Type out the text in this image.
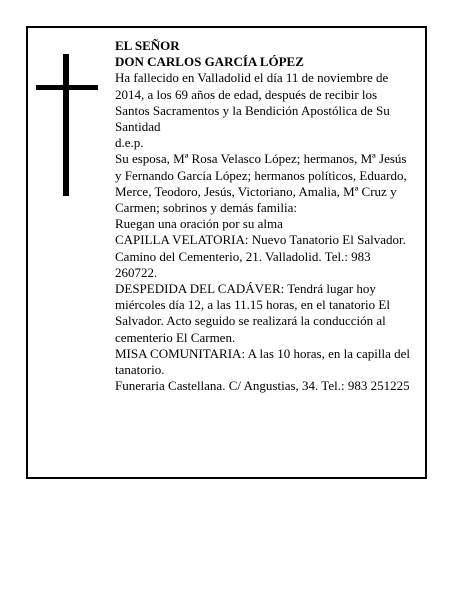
EL SEÑOR

DON CARLOS GARCÍA LÓPEZ

Ha fallecido en Valladolid el día 11 de noviembre de 2014, a los 69 años de edad, después de recibir los Santos Sacramentos y la Bendición Apostólica de Su Santidad

d.e.p.

Su esposa, Mª Rosa Velasco López; hermanos, Mª Jesús y Fernando García López; hermanos políticos, Eduardo, Merce, Teodoro, Jesús, Victoriano, Amalia, Mª Cruz y Carmen; sobrinos y demás familia:

Ruegan una oración por su alma

CAPILLA VELATORIA: Nuevo Tanatorio El Salvador. Camino del Cementerio, 21. Valladolid. Tel.: 983 260722.

DESPEDIDA DEL CADÁVER: Tendrá lugar hoy miércoles día 12, a las 11.15 horas, en el tanatorio El Salvador. Acto seguido se realizará la conducción al cementerio El Carmen.

MISA COMUNITARIA: A las 10 horas, en la capilla del tanatorio.

Funeraria Castellana. C/ Angustias, 34. Tel.: 983 251225
